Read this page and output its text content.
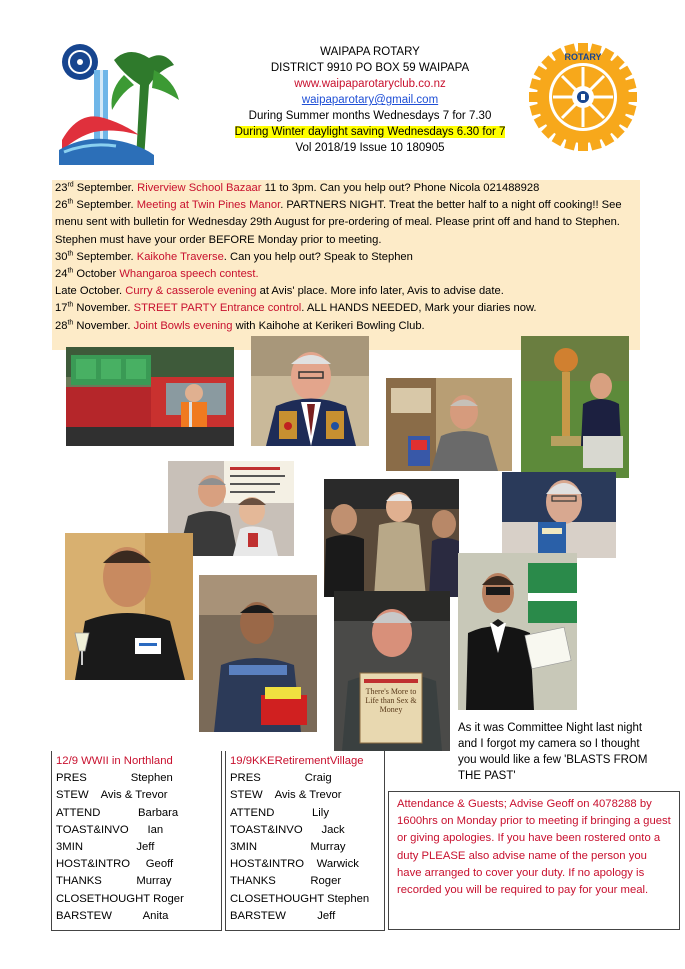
WAIPAPA ROTARY
DISTRICT 9910 PO BOX 59 WAIPAPA
www.waipaparotaryclub.co.nz
waipaparotary@gmail.com
During Summer months Wednesdays 7 for 7.30
During Winter daylight saving Wednesdays 6.30 for 7
Vol 2018/19 Issue 10 180905
ROTARY
23rd September. Riverview School Bazaar 11 to 3pm. Can you help out? Phone Nicola 021488928
26th September. Meeting at Twin Pines Manor. PARTNERS NIGHT. Treat the better half to a night off cooking!! See menu sent with bulletin for Wednesday 29th August for pre-ordering of meal. Please print off and hand to Stephen. Stephen must have your order BEFORE Monday prior to meeting.
30th September. Kaikohe Traverse. Can you help out? Speak to Stephen
24th October Whangaroa speech contest.
Late October. Curry & casserole evening at Avis' place. More info later, Avis to advise date.
17th November. STREET PARTY Entrance control. ALL HANDS NEEDED, Mark your diaries now.
28th November. Joint Bowls evening with Kaihohe at Kerikeri Bowling Club.
There's More to Life than Sex & Money
As it was Committee Night last night and I forgot my camera so I thought you would like a few 'BLASTS FROM THE PAST'
12/9 WWII in Northland
PRES              Stephen
STEW    Avis & Trevor
ATTEND            Barbara
TOAST&INVO      Ian
3MIN                 Jeff
HOST&INTRO     Geoff
THANKS           Murray
CLOSETHOUGHT Roger
BARSTEW          Anita
19/9KKERetirementVillage
PRES              Craig
STEW    Avis & Trevor
ATTEND            Lily
TOAST&INVO      Jack
3MIN                 Murray
HOST&INTRO    Warwick
THANKS           Roger
CLOSETHOUGHT Stephen
BARSTEW          Jeff
Attendance & Guests; Advise Geoff on 4078288 by 1600hrs on Monday prior to meeting if bringing a guest or giving apologies. If you have been rostered onto a duty PLEASE also advise name of the person you have arranged to cover your duty. If no apology is recorded you will be required to pay for your meal.
